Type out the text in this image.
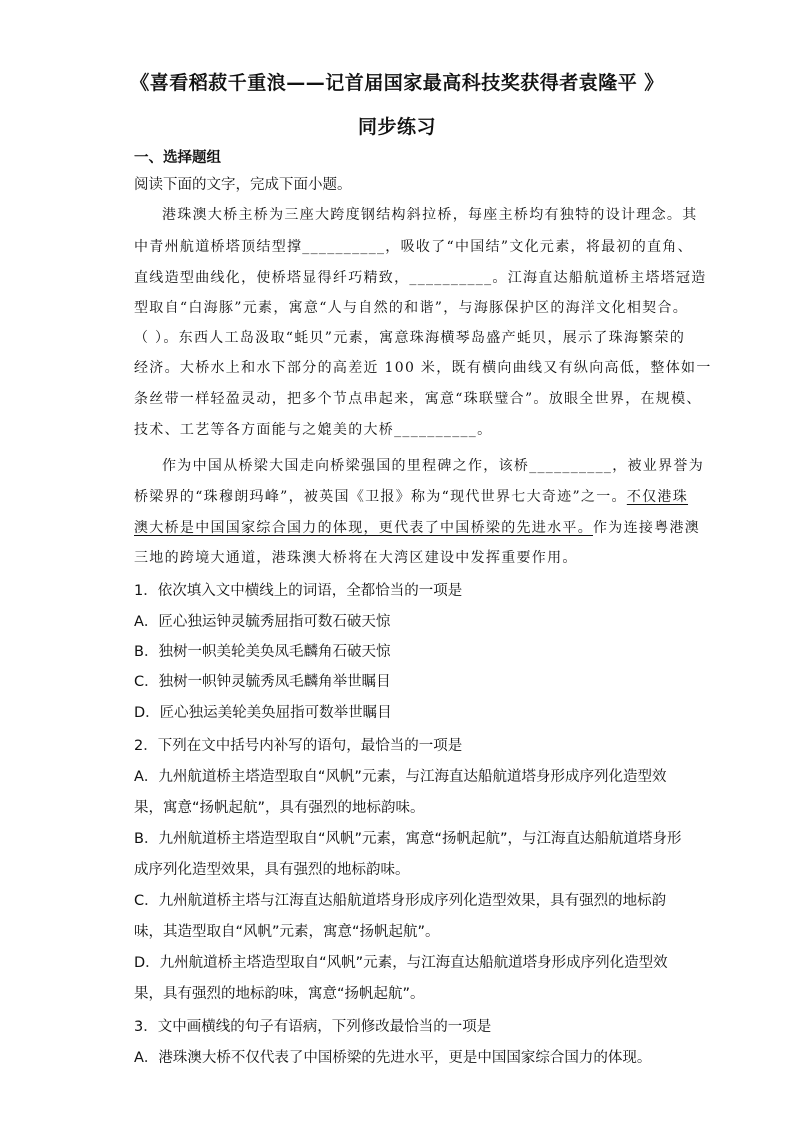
《喜看稻菽千重浪——记首届国家最高科技奖获得者袁隆平 》
同步练习
一、选择题组
阅读下面的文字，完成下面小题。
港珠澳大桥主桥为三座大跨度钢结构斜拉桥，每座主桥均有独特的设计理念。其
中青州航道桥塔顶结型撑__________，吸收了“中国结”文化元素，将最初的直角、
直线造型曲线化，使桥塔显得纤巧精致，__________。江海直达船航道桥主塔塔冠造
型取自“白海豚”元素，寓意“人与自然的和谐”，与海豚保护区的海洋文化相契合。
（ ）。东西人工岛汲取“蚝贝”元素，寓意珠海横琴岛盛产蚝贝，展示了珠海繁荣的
经济。大桥水上和水下部分的高差近 100 米，既有横向曲线又有纵向高低，整体如一
条丝带一样轻盈灵动，把多个节点串起来，寓意“珠联璧合”。放眼全世界，在规模、
技术、工艺等各方面能与之媲美的大桥__________。
作为中国从桥梁大国走向桥梁强国的里程碑之作，该桥__________，被业界誉为
桥梁界的“珠穆朗玛峰”，被英国《卫报》称为“现代世界七大奇迹”之一。不仅港珠
澳大桥是中国国家综合国力的体现，更代表了中国桥梁的先进水平。作为连接粤港澳
三地的跨境大通道，港珠澳大桥将在大湾区建设中发挥重要作用。
1．依次填入文中横线上的词语，全都恰当的一项是
A．匠心独运钟灵毓秀屈指可数石破天惊
B．独树一帜美轮美奂凤毛麟角石破天惊
C．独树一帜钟灵毓秀凤毛麟角举世瞩目
D．匠心独运美轮美奂屈指可数举世瞩目
2．下列在文中括号内补写的语句，最恰当的一项是
A．九州航道桥主塔造型取自“风帆”元素，与江海直达船航道塔身形成序列化造型效
果，寓意“扬帆起航”，具有强烈的地标韵味。
B．九州航道桥主塔造型取自“风帆”元素，寓意“扬帆起航”，与江海直达船航道塔身形
成序列化造型效果，具有强烈的地标韵味。
C．九州航道桥主塔与江海直达船航道塔身形成序列化造型效果，具有强烈的地标韵
味，其造型取自“风帆”元素，寓意“扬帆起航”。
D．九州航道桥主塔造型取自“风帆”元素，与江海直达船航道塔身形成序列化造型效
果，具有强烈的地标韵味，寓意“扬帆起航”。
3．文中画横线的句子有语病，下列修改最恰当的一项是
A．港珠澳大桥不仅代表了中国桥梁的先进水平，更是中国国家综合国力的体现。
